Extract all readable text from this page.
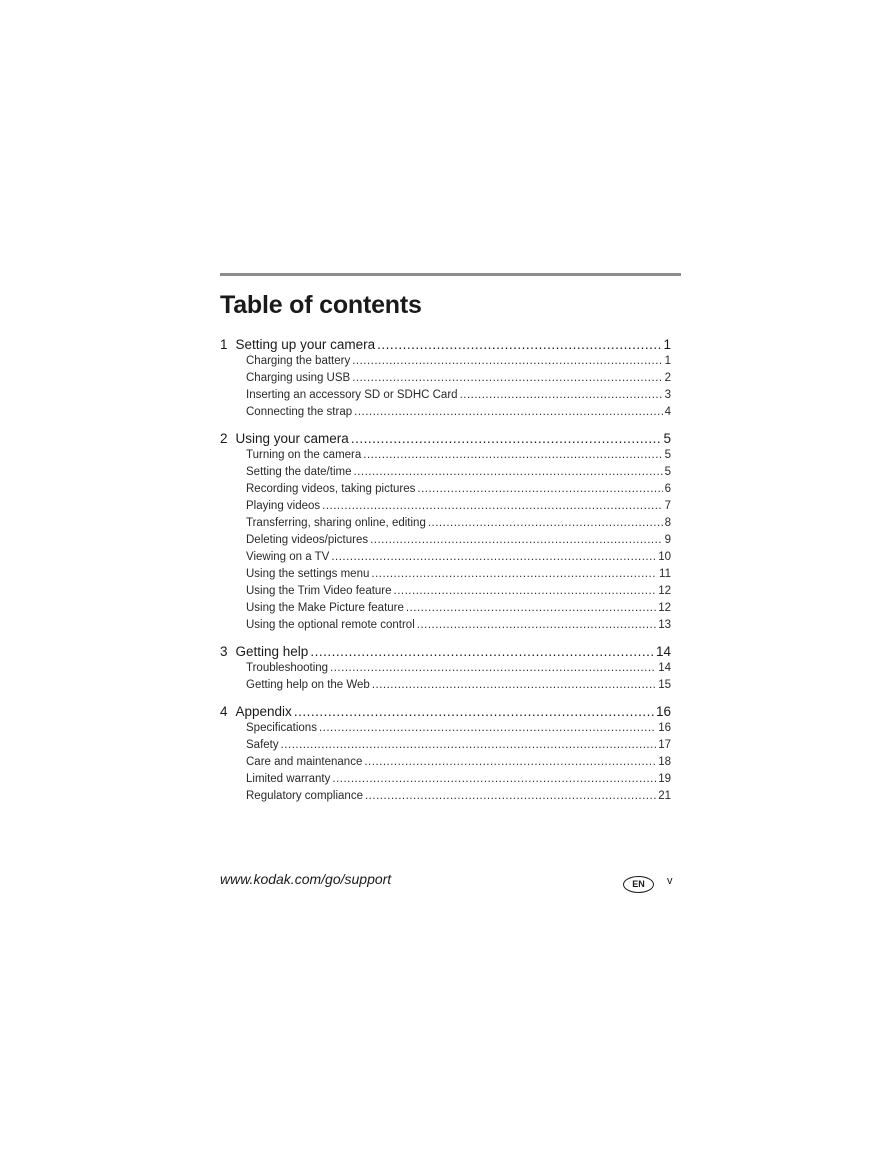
Table of contents
1 Setting up your camera .....	1
Charging the battery .....	1
Charging using USB .....	2
Inserting an accessory SD or SDHC Card .....	3
Connecting the strap .....	4
2 Using your camera .....	5
Turning on the camera .....	5
Setting the date/time .....	5
Recording videos, taking pictures .....	6
Playing videos .....	7
Transferring, sharing online, editing .....	8
Deleting videos/pictures .....	9
Viewing on a TV .....	10
Using the settings menu .....	11
Using the Trim Video feature .....	12
Using the Make Picture feature .....	12
Using the optional remote control .....	13
3 Getting help .....	14
Troubleshooting .....	14
Getting help on the Web .....	15
4 Appendix .....	16
Specifications .....	16
Safety .....	17
Care and maintenance .....	18
Limited warranty .....	19
Regulatory compliance .....	21
www.kodak.com/go/support	EN	v
